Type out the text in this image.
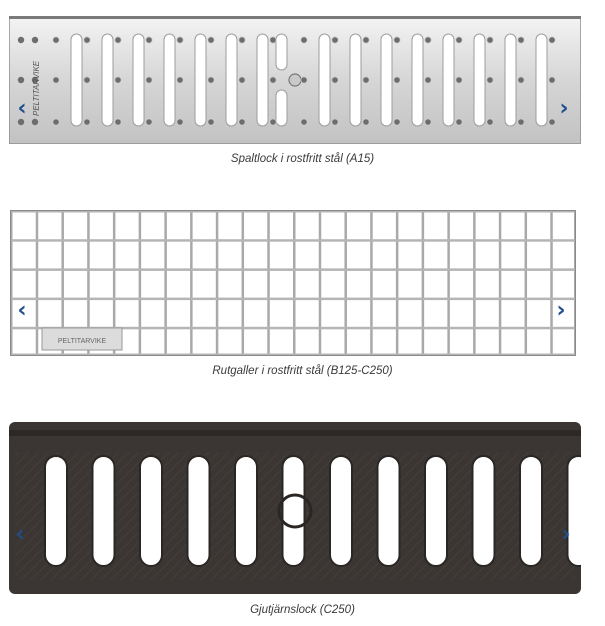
PELTITARVIKE
‹	›
Spaltlock i rostfritt stål (A15)
PELTITARVIKE
‹	›
Rutgaller i rostfritt stål (B125-C250)
‹	›
Gjutjärnslock (C250)
